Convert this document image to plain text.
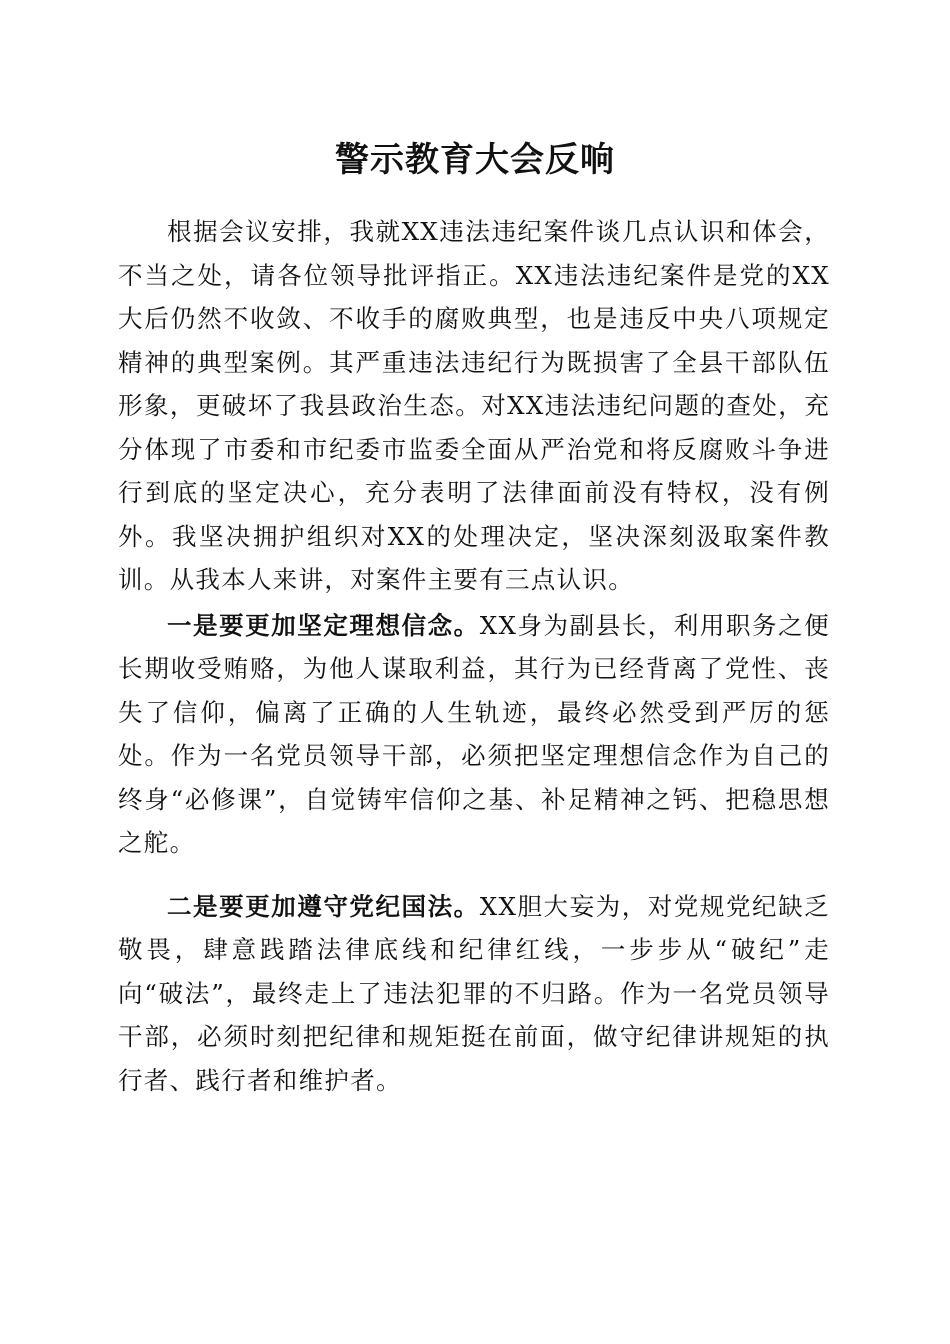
警示教育大会反响

根据会议安排，我就XX违法违纪案件谈几点认识和体会，不当之处，请各位领导批评指正。XX违法违纪案件是党的XX大后仍然不收敛、不收手的腐败典型，也是违反中央八项规定精神的典型案例。其严重违法违纪行为既损害了全县干部队伍形象，更破坏了我县政治生态。对XX违法违纪问题的查处，充分体现了市委和市纪委市监委全面从严治党和将反腐败斗争进行到底的坚定决心，充分表明了法律面前没有特权，没有例外。我坚决拥护组织对XX的处理决定，坚决深刻汲取案件教训。从我本人来讲，对案件主要有三点认识。

一是要更加坚定理想信念。XX身为副县长，利用职务之便长期收受贿赂，为他人谋取利益，其行为已经背离了党性、丧失了信仰，偏离了正确的人生轨迹，最终必然受到严厉的惩处。作为一名党员领导干部，必须把坚定理想信念作为自己的终身“必修课”，自觉铸牢信仰之基、补足精神之钙、把稳思想之舵。

二是要更加遵守党纪国法。XX胆大妄为，对党规党纪缺乏敬畏，肆意践踏法律底线和纪律红线，一步步从“破纪”走向“破法”，最终走上了违法犯罪的不归路。作为一名党员领导干部，必须时刻把纪律和规矩挺在前面，做守纪律讲规矩的执行者、践行者和维护者。
